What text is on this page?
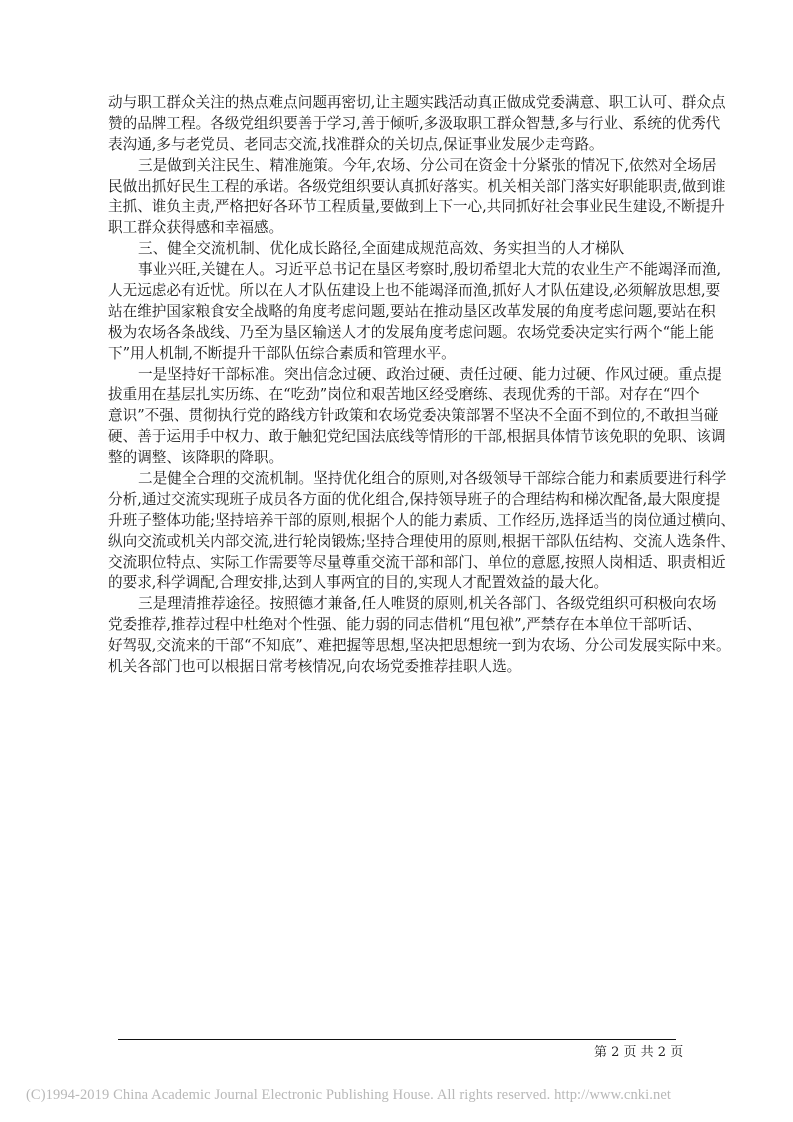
动与职工群众关注的热点难点问题再密切,让主题实践活动真正做成党委满意、职工认可、群众点
赞的品牌工程。各级党组织要善于学习,善于倾听,多汲取职工群众智慧,多与行业、系统的优秀代
表沟通,多与老党员、老同志交流,找准群众的关切点,保证事业发展少走弯路。
三是做到关注民生、精准施策。今年,农场、分公司在资金十分紧张的情况下,依然对全场居
民做出抓好民生工程的承诺。各级党组织要认真抓好落实。机关相关部门落实好职能职责,做到谁
主抓、谁负主责,严格把好各环节工程质量,要做到上下一心,共同抓好社会事业民生建设,不断提升
职工群众获得感和幸福感。
三、健全交流机制、优化成长路径,全面建成规范高效、务实担当的人才梯队
事业兴旺,关键在人。习近平总书记在垦区考察时,殷切希望北大荒的农业生产不能竭泽而渔,
人无远虑必有近忧。所以在人才队伍建设上也不能竭泽而渔,抓好人才队伍建设,必须解放思想,要
站在维护国家粮食安全战略的角度考虑问题,要站在推动垦区改革发展的角度考虑问题,要站在积
极为农场各条战线、乃至为垦区输送人才的发展角度考虑问题。农场党委决定实行两个“能上能
下”用人机制,不断提升干部队伍综合素质和管理水平。
一是坚持好干部标准。突出信念过硬、政治过硬、责任过硬、能力过硬、作风过硬。重点提
拔重用在基层扎实历练、在“吃劲”岗位和艰苦地区经受磨练、表现优秀的干部。对存在“四个
意识”不强、贯彻执行党的路线方针政策和农场党委决策部署不坚决不全面不到位的,不敢担当碰
硬、善于运用手中权力、敢于触犯党纪国法底线等情形的干部,根据具体情节该免职的免职、该调
整的调整、该降职的降职。
二是健全合理的交流机制。坚持优化组合的原则,对各级领导干部综合能力和素质要进行科学
分析,通过交流实现班子成员各方面的优化组合,保持领导班子的合理结构和梯次配备,最大限度提
升班子整体功能;坚持培养干部的原则,根据个人的能力素质、工作经历,选择适当的岗位通过横向、
纵向交流或机关内部交流,进行轮岗锻炼;坚持合理使用的原则,根据干部队伍结构、交流人选条件、
交流职位特点、实际工作需要等尽量尊重交流干部和部门、单位的意愿,按照人岗相适、职责相近
的要求,科学调配,合理安排,达到人事两宜的目的,实现人才配置效益的最大化。
三是理清推荐途径。按照德才兼备,任人唯贤的原则,机关各部门、各级党组织可积极向农场
党委推荐,推荐过程中杜绝对个性强、能力弱的同志借机“甩包袱”,严禁存在本单位干部听话、
好驾驭,交流来的干部“不知底”、难把握等思想,坚决把思想统一到为农场、分公司发展实际中来。
机关各部门也可以根据日常考核情况,向农场党委推荐挂职人选。
第 2 页 共 2 页
(C)1994-2019 China Academic Journal Electronic Publishing House. All rights reserved. http://www.cnki.net
